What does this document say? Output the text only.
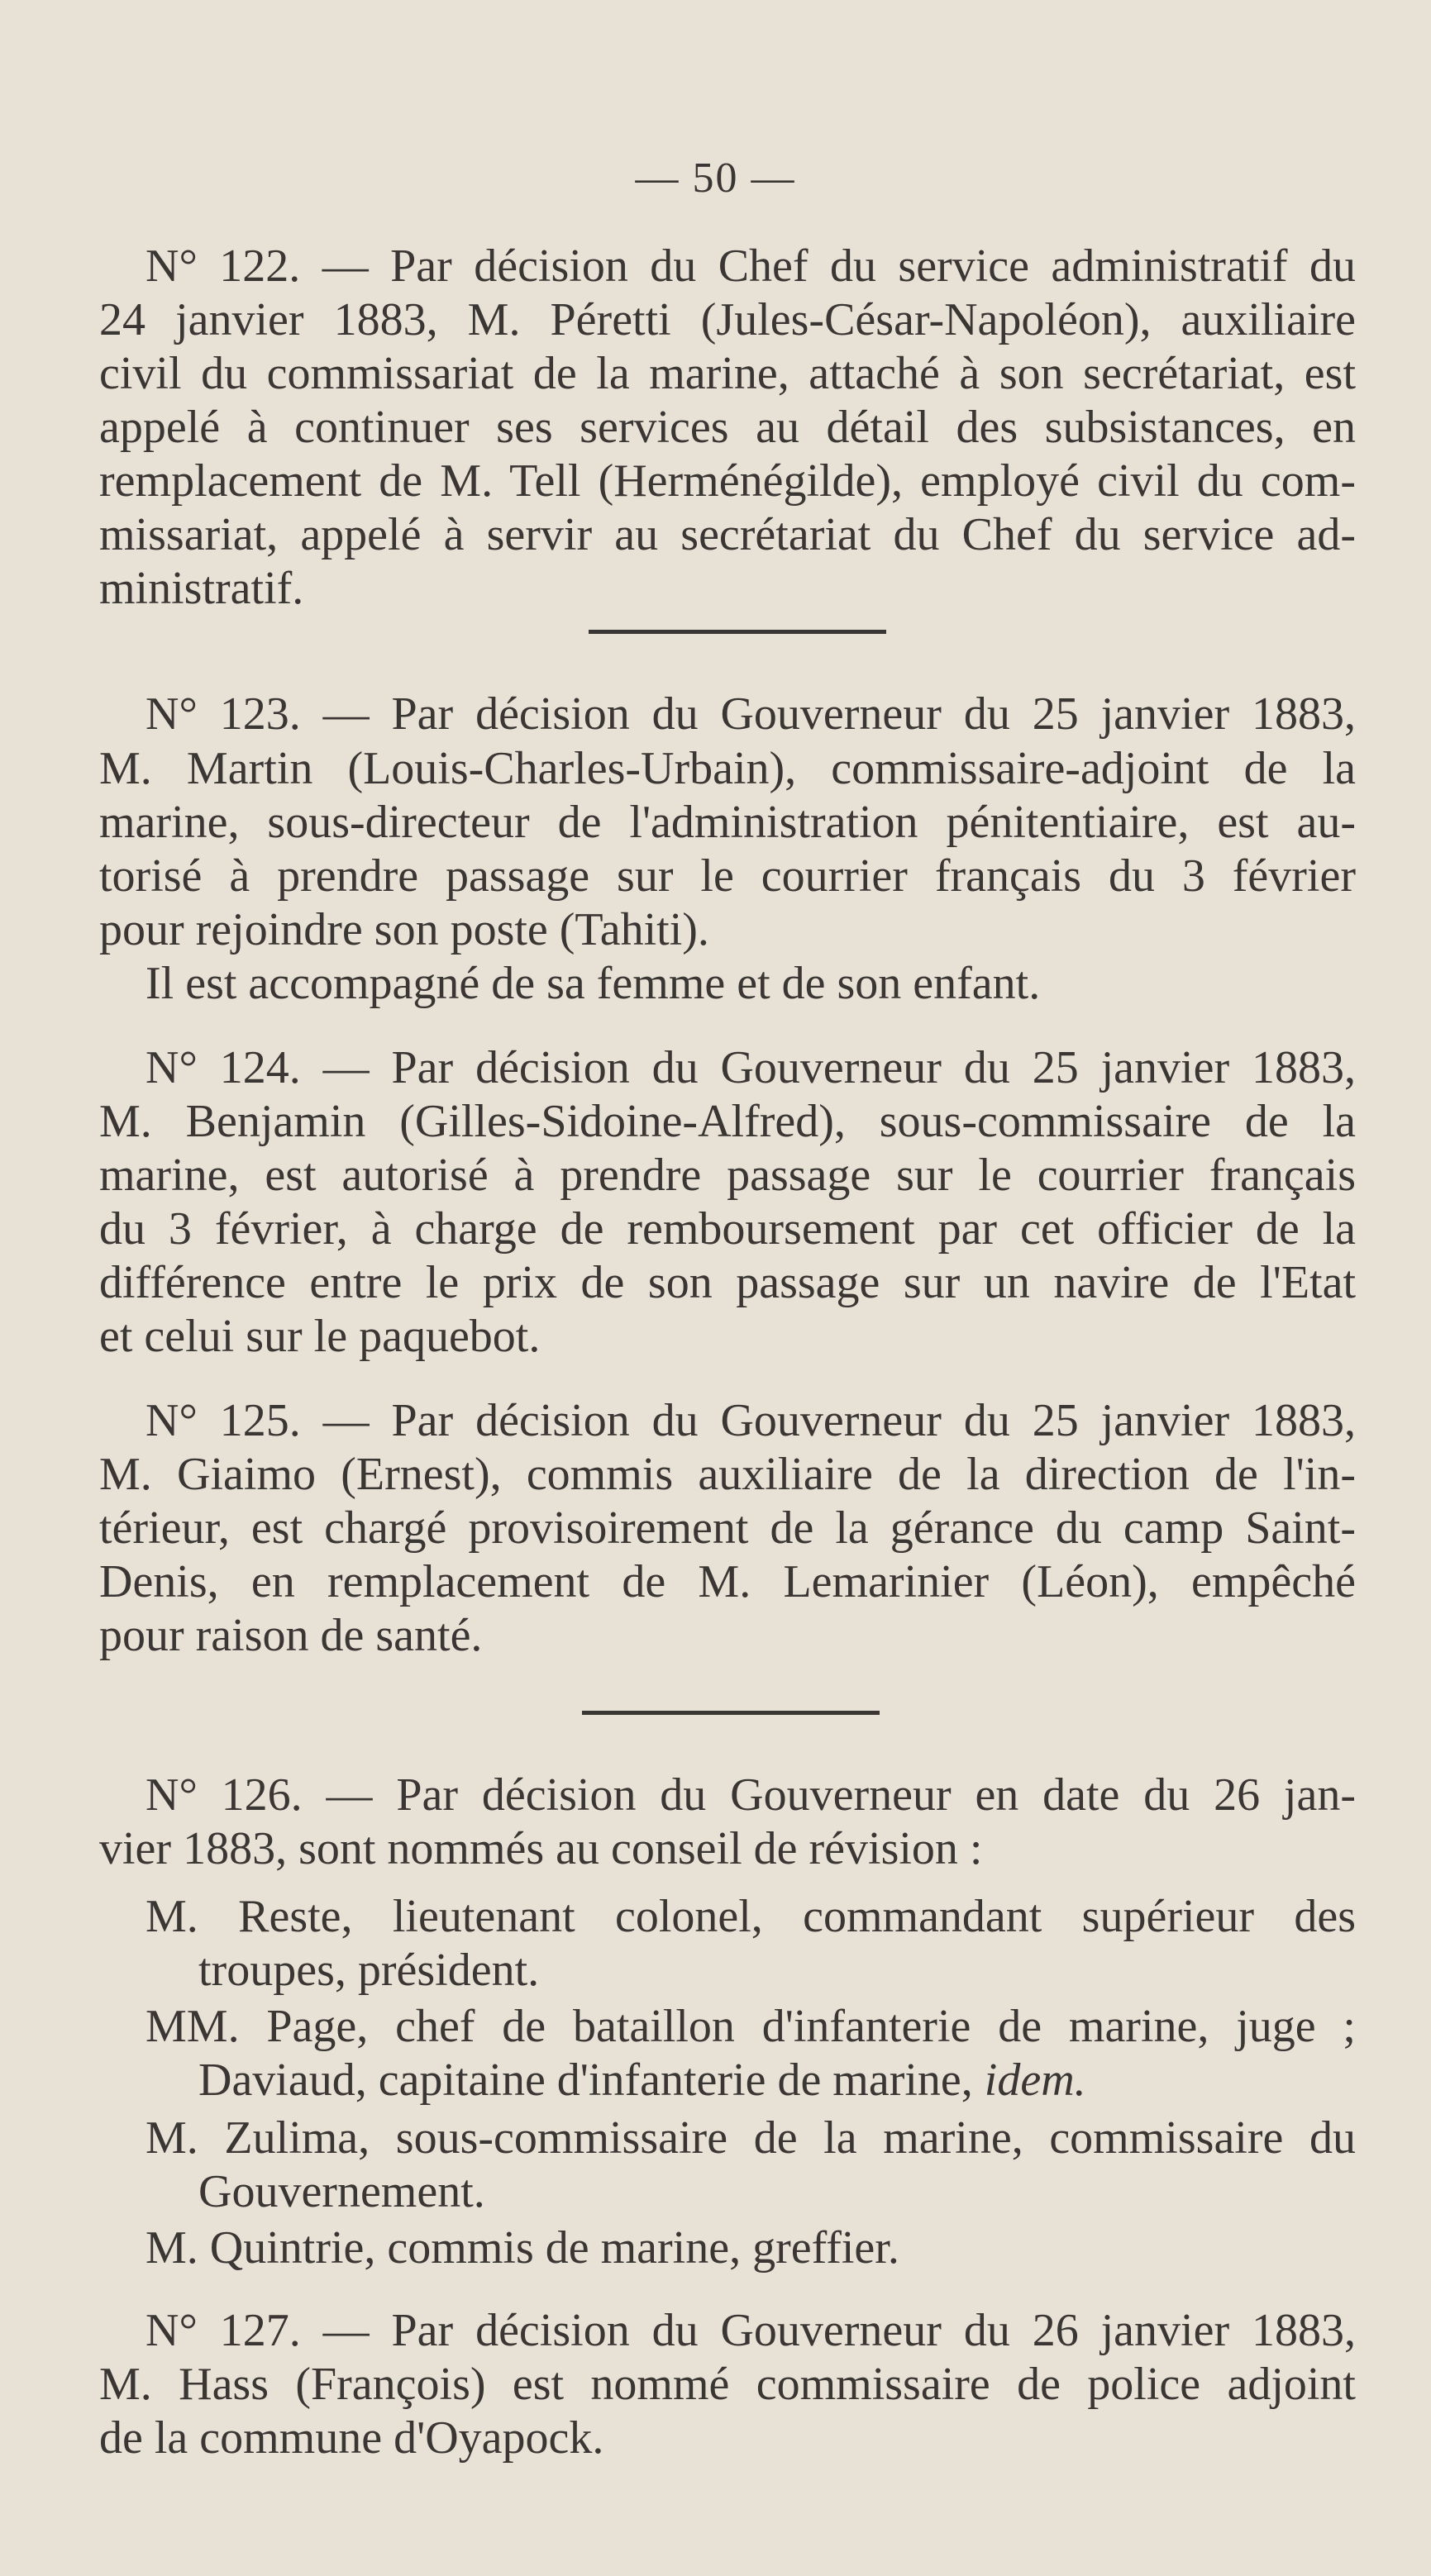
— 50 —
N° 122. — Par décision du Chef du service administratif du
24 janvier 1883, M. Péretti (Jules-César-Napoléon), auxiliaire
civil du commissariat de la marine, attaché à son secrétariat, est
appelé à continuer ses services au détail des subsistances, en
remplacement de M. Tell (Herménégilde), employé civil du com-
missariat, appelé à servir au secrétariat du Chef du service ad-
ministratif.
N° 123. — Par décision du Gouverneur du 25 janvier 1883,
M. Martin (Louis-Charles-Urbain), commissaire-adjoint de la
marine, sous-directeur de l'administration pénitentiaire, est au-
torisé à prendre passage sur le courrier français du 3 février
pour rejoindre son poste (Tahiti).
Il est accompagné de sa femme et de son enfant.
N° 124. — Par décision du Gouverneur du 25 janvier 1883,
M. Benjamin (Gilles-Sidoine-Alfred), sous-commissaire de la
marine, est autorisé à prendre passage sur le courrier français
du 3 février, à charge de remboursement par cet officier de la
différence entre le prix de son passage sur un navire de l'Etat
et celui sur le paquebot.
N° 125. — Par décision du Gouverneur du 25 janvier 1883,
M. Giaimo (Ernest), commis auxiliaire de la direction de l'in-
térieur, est chargé provisoirement de la gérance du camp Saint-
Denis, en remplacement de M. Lemarinier (Léon), empêché
pour raison de santé.
N° 126. — Par décision du Gouverneur en date du 26 jan-
vier 1883, sont nommés au conseil de révision :
M. Reste, lieutenant colonel, commandant supérieur des
troupes, président.
MM. Page, chef de bataillon d'infanterie de marine, juge ;
Daviaud, capitaine d'infanterie de marine, idem.
M. Zulima, sous-commissaire de la marine, commissaire du
Gouvernement.
M. Quintrie, commis de marine, greffier.
N° 127. — Par décision du Gouverneur du 26 janvier 1883,
M. Hass (François) est nommé commissaire de police adjoint
de la commune d'Oyapock.
